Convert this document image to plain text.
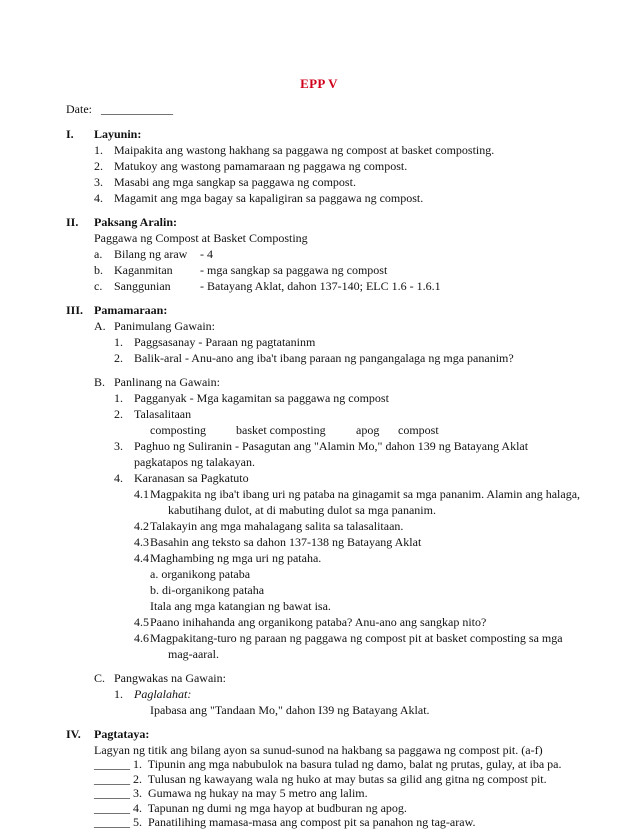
EPP V
Date: ____________
I. Layunin:
1. Maipakita ang wastong hakhang sa paggawa ng compost at basket composting.
2. Matukoy ang wastong pamamaraan ng paggawa ng compost.
3. Masabi ang mga sangkap sa paggawa ng compost.
4. Magamit ang mga bagay sa kapaligiran sa paggawa ng compost.
II. Paksang Aralin:
Paggawa ng Compost at Basket Composting
a. Bilang ng araw - 4
b. Kaganmitan - mga sangkap sa paggawa ng compost
c. Sanggunian - Batayang Aklat, dahon 137-140; ELC 1.6 - 1.6.1
III. Pamamaraan:
A. Panimulang Gawain:
1. Paggsasanay - Paraan ng pagtataninm
2. Balik-aral - Anu-ano ang iba't ibang paraan ng pangangalaga ng mga pananim?
B. Panlinang na Gawain:
1. Pagganyak - Mga kagamitan sa paggawa ng compost
2. Talasalitaan
composting	basket composting	apog compost
3. Paghuo ng Suliranin - Pasagutan ang "Alamin Mo," dahon 139 ng Batayang Aklat
pagkatapos ng talakayan.
4. Karanasan sa Pagkatuto
4.1 Magpakita ng iba't ibang uri ng pataba na ginagamit sa mga pananim. Alamin ang halaga,
kabutihang dulot, at di mabuting dulot sa mga pananim.
4.2 Talakayin ang mga mahalagang salita sa talasalitaan.
4.3 Basahin ang teksto sa dahon 137-138 ng Batayang Aklat
4.4 Maghambing ng mga uri ng pataha.
a. organikong pataba
b. di-organikong pataha
Itala ang mga katangian ng bawat isa.
4.5 Paano inihahanda ang organikong pataba? Anu-ano ang sangkap nito?
4.6 Magpakitang-turo ng paraan ng paggawa ng compost pit at basket composting sa mga
mag-aaral.
C. Pangwakas na Gawain:
1. Paglalahat:
Ipabasa ang "Tandaan Mo," dahon I39 ng Batayang Aklat.
IV. Pagtataya:
Lagyan ng titik ang bilang ayon sa sunud-sunod na hakbang sa paggawa ng compost pit. (a-f)
______ 1. Tipunin ang mga nabubulok na basura tulad ng damo, balat ng prutas, gulay, at iba pa.
______ 2. Tulusan ng kawayang wala ng huko at may butas sa gilid ang gitna ng compost pit.
______ 3. Gumawa ng hukay na may 5 metro ang lalim.
______ 4. Tapunan ng dumi ng mga hayop at budburan ng apog.
______ 5. Panatilihing mamasa-masa ang compost pit sa panahon ng tag-araw.
